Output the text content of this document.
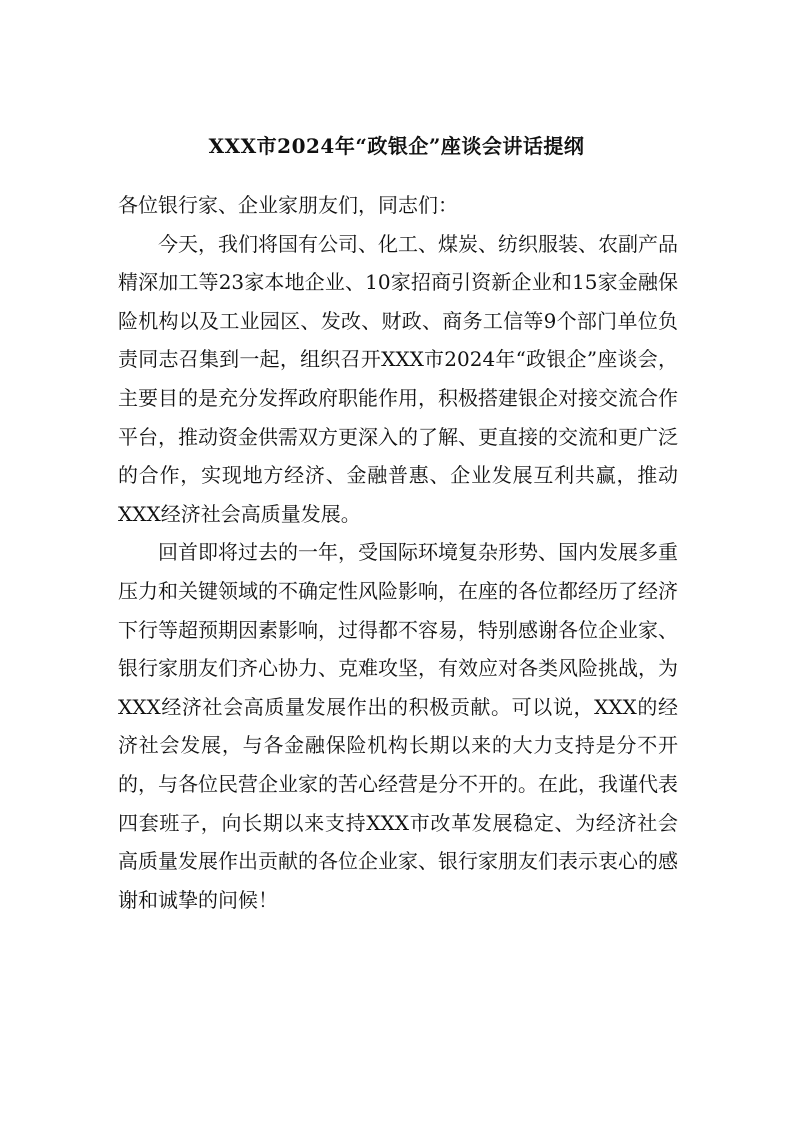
XXX市2024年“政银企”座谈会讲话提纲

各位银行家、企业家朋友们，同志们：

今天，我们将国有公司、化工、煤炭、纺织服装、农副产品精深加工等23家本地企业、10家招商引资新企业和15家金融保险机构以及工业园区、发改、财政、商务工信等9个部门单位负责同志召集到一起，组织召开XXX市2024年“政银企”座谈会，主要目的是充分发挥政府职能作用，积极搭建银企对接交流合作平台，推动资金供需双方更深入的了解、更直接的交流和更广泛的合作，实现地方经济、金融普惠、企业发展互利共赢，推动XXX经济社会高质量发展。

回首即将过去的一年，受国际环境复杂形势、国内发展多重压力和关键领域的不确定性风险影响，在座的各位都经历了经济下行等超预期因素影响，过得都不容易，特别感谢各位企业家、银行家朋友们齐心协力、克难攻坚，有效应对各类风险挑战，为XXX经济社会高质量发展作出的积极贡献。可以说，XXX的经济社会发展，与各金融保险机构长期以来的大力支持是分不开的，与各位民营企业家的苦心经营是分不开的。在此，我谨代表四套班子，向长期以来支持XXX市改革发展稳定、为经济社会高质量发展作出贡献的各位企业家、银行家朋友们表示衷心的感谢和诚挚的问候！
